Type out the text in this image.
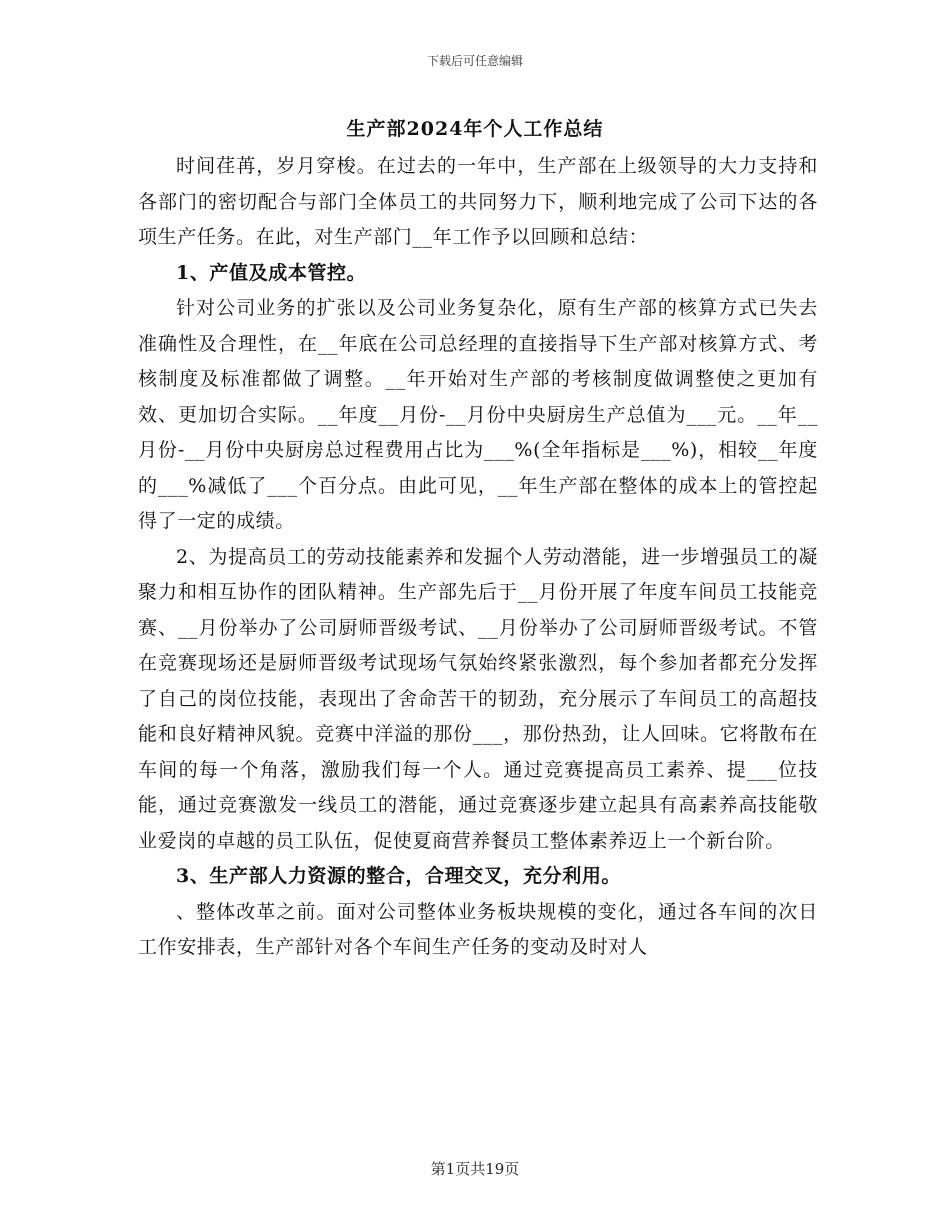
下载后可任意编辑
生产部2024年个人工作总结

时间荏苒，岁月穿梭。在过去的一年中，生产部在上级领导的大力支持和各部门的密切配合与部门全体员工的共同努力下，顺利地完成了公司下达的各项生产任务。在此，对生产部门__年工作予以回顾和总结：

1、产值及成本管控。

针对公司业务的扩张以及公司业务复杂化，原有生产部的核算方式已失去准确性及合理性，在__年底在公司总经理的直接指导下生产部对核算方式、考核制度及标准都做了调整。__年开始对生产部的考核制度做调整使之更加有效、更加切合实际。__年度__月份-__月份中央厨房生产总值为___元。__年__月份-__月份中央厨房总过程费用占比为___%(全年指标是___%)，相较__年度的___%减低了___个百分点。由此可见，__年生产部在整体的成本上的管控起得了一定的成绩。

2、为提高员工的劳动技能素养和发掘个人劳动潜能，进一步增强员工的凝聚力和相互协作的团队精神。生产部先后于__月份开展了年度车间员工技能竞赛、__月份举办了公司厨师晋级考试、__月份举办了公司厨师晋级考试。不管在竞赛现场还是厨师晋级考试现场气氛始终紧张激烈，每个参加者都充分发挥了自己的岗位技能，表现出了舍命苦干的韧劲，充分展示了车间员工的高超技能和良好精神风貌。竞赛中洋溢的那份___，那份热劲，让人回味。它将散布在车间的每一个角落，激励我们每一个人。通过竞赛提高员工素养、提___位技能，通过竞赛激发一线员工的潜能，通过竞赛逐步建立起具有高素养高技能敬业爱岗的卓越的员工队伍，促使夏商营养餐员工整体素养迈上一个新台阶。

3、生产部人力资源的整合，合理交叉，充分利用。

、整体改革之前。面对公司整体业务板块规模的变化，通过各车间的次日工作安排表，生产部针对各个车间生产任务的变动及时对人

第1页共19页
